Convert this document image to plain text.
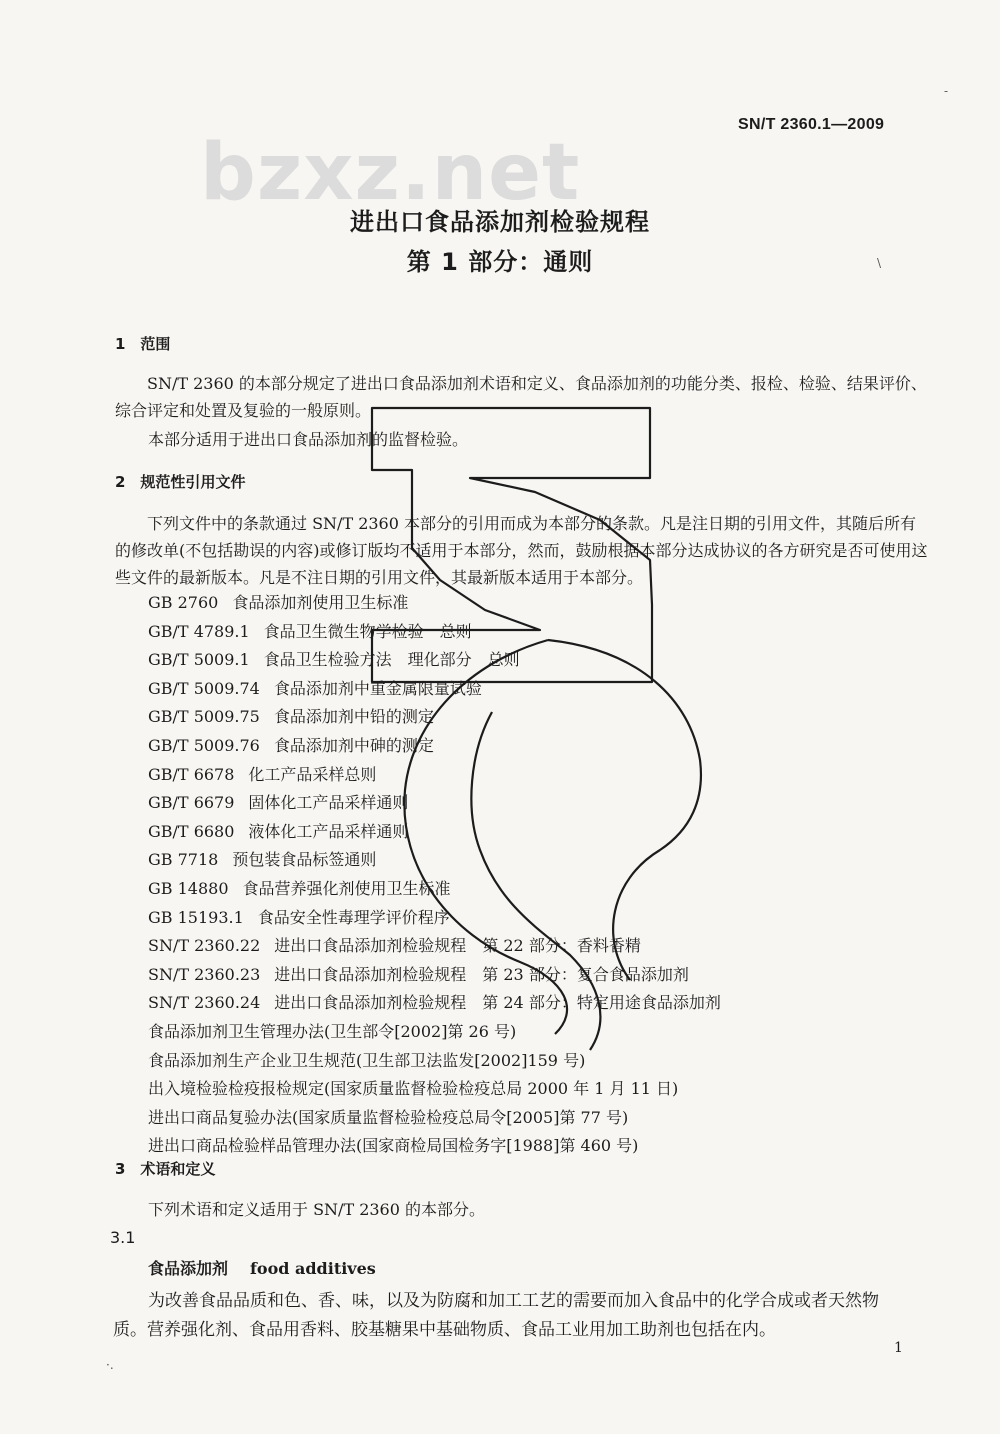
bzxz.net
SN/T 2360.1—2009
进出口食品添加剂检验规程
第 1 部分：通则
1　范围
SN/T 2360 的本部分规定了进出口食品添加剂术语和定义、食品添加剂的功能分类、报检、检验、结果评价、综合评定和处置及复验的一般原则。
本部分适用于进出口食品添加剂的监督检验。
2　规范性引用文件
下列文件中的条款通过 SN/T 2360 本部分的引用而成为本部分的条款。凡是注日期的引用文件，其随后所有的修改单(不包括勘误的内容)或修订版均不适用于本部分，然而，鼓励根据本部分达成协议的各方研究是否可使用这些文件的最新版本。凡是不注日期的引用文件，其最新版本适用于本部分。
GB 2760 食品添加剂使用卫生标准
GB/T 4789.1 食品卫生微生物学检验　总则
GB/T 5009.1 食品卫生检验方法　理化部分　总则
GB/T 5009.74 食品添加剂中重金属限量试验
GB/T 5009.75 食品添加剂中铅的测定
GB/T 5009.76 食品添加剂中砷的测定
GB/T 6678 化工产品采样总则
GB/T 6679 固体化工产品采样通则
GB/T 6680 液体化工产品采样通则
GB 7718 预包装食品标签通则
GB 14880 食品营养强化剂使用卫生标准
GB 15193.1 食品安全性毒理学评价程序
SN/T 2360.22 进出口食品添加剂检验规程　第 22 部分：香料香精
SN/T 2360.23 进出口食品添加剂检验规程　第 23 部分：复合食品添加剂
SN/T 2360.24 进出口食品添加剂检验规程　第 24 部分：特定用途食品添加剂
食品添加剂卫生管理办法(卫生部令[2002]第 26 号)
食品添加剂生产企业卫生规范(卫生部卫法监发[2002]159 号)
出入境检验检疫报检规定(国家质量监督检验检疫总局 2000 年 1 月 11 日)
进出口商品复验办法(国家质量监督检验检疫总局令[2005]第 77 号)
进出口商品检验样品管理办法(国家商检局国检务字[1988]第 460 号)
3　术语和定义
下列术语和定义适用于 SN/T 2360 的本部分。
3.1
食品添加剂 food additives
为改善食品品质和色、香、味，以及为防腐和加工工艺的需要而加入食品中的化学合成或者天然物
质。营养强化剂、食品用香料、胶基糖果中基础物质、食品工业用加工助剂也包括在内。
1
-
\
·.
